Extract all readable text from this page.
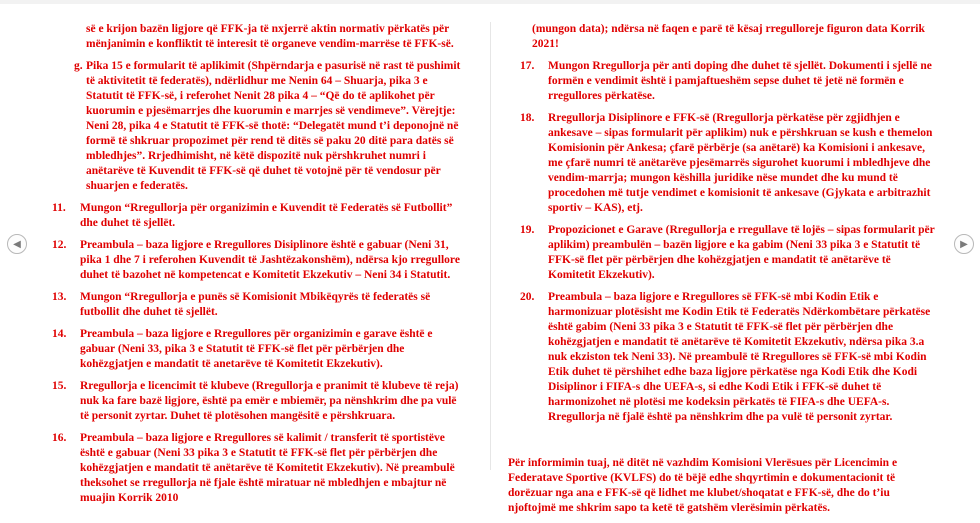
së e krijon bazën ligjore që FFK-ja të nxjerrë aktin normativ përkatës për mënjanimin e konfliktit të interesit të organeve vendim-marrëse të FFK-së.

g. Pika 15 e formularit të aplikimit (Shpërndarja e pasurisë në rast të pushimit të aktivitetit të federatës), ndërlidhur me Nenin 64 – Shuarja, pika 3 e Statutit të FFK-së, i referohet Nenit 28 pika 4 – “Që do të aplikohet për kuorumin e pjesëmarrjes dhe kuorumin e marrjes së vendimeve”. Vërejtje: Neni 28, pika 4 e Statutit të FFK-së thotë: “Delegatët mund t’i deponojnë në formë të shkruar propozimet për rend të ditës së paku 20 ditë para datës së mbledhjes”. Rrjedhimisht, në këtë dispozitë nuk përshkruhet numri i anëtarëve të Kuvendit të FFK-së që duhet të votojnë për të vendosur për shuarjen e federatës.

11.	Mungon “Rregullorja për organizimin e Kuvendit të Federatës së Futbollit” dhe duhet të sjellët.

12.	Preambula – baza ligjore e Rregullores Disiplinore është e gabuar (Neni 31, pika 1 dhe 7 i referohen Kuvendit të Jashtëzakonshëm), ndërsa kjo rregullore duhet të bazohet në kompetencat e Komitetit Ekzekutiv – Neni 34 i Statutit.

13.	Mungon “Rregullorja e punës së Komisionit Mbikëqyrës të federatës së futbollit dhe duhet të sjellët.

14.	Preambula – baza ligjore e Rregullores për organizimin e garave është e gabuar (Neni 33, pika 3 e Statutit të FFK-së flet për përbërjen dhe kohëzgjatjen e mandatit të anetarëve të Komitetit Ekzekutiv).

15.	Rregullorja e licencimit të klubeve (Rregullorja e pranimit të klubeve të reja) nuk ka fare bazë ligjore, është pa emër e mbiemër, pa nënshkrim dhe pa vulë të personit zyrtar. Duhet të plotësohen mangësitë e përshkruara.

16.	Preambula – baza ligjore e Rregullores së kalimit / transferit të sportistëve është e gabuar (Neni 33 pika 3 e Statutit të FFK-së flet për përbërjen dhe kohëzgjatjen e mandatit të anëtarëve të Komitetit Ekzekutiv). Në preambulë theksohet se rregullorja në fjale është miratuar në mbledhjen e mbajtur në muajin Korrik 2010

(mungon data); ndërsa në faqen e parë të kësaj rregulloreje figuron data Korrik 2021!

17.	Mungon Rregullorja për anti doping dhe duhet të sjellët. Dokumenti i sjellë ne formën e vendimit është i pamjaftueshëm sepse duhet të jetë në formën e rregullores përkatëse.

18.	Rregullorja Disiplinore e FFK-së (Rregullorja përkatëse për zgjidhjen e ankesave – sipas formularit për aplikim) nuk e përshkruan se kush e themelon Komisionin për Ankesa; çfarë përbërje (sa anëtarë) ka Komisioni i ankesave, me çfarë numri të anëtarëve pjesëmarrës sigurohet kuorumi i mbledhjeve dhe vendim-marrja; mungon këshilla juridike nëse mundet dhe ku mund të procedohen më tutje vendimet e komisionit të ankesave (Gjykata e arbitrazhit sportiv – KAS), etj.

19.	Propozicionet e Garave (Rregullorja e rregullave të lojës – sipas formularit për aplikim) preambulën – bazën ligjore e ka gabim (Neni 33 pika 3 e Statutit të FFK-së flet për përbërjen dhe kohëzgjatjen e mandatit të anëtarëve të Komitetit Ekzekutiv).

20.	Preambula – baza ligjore e Rregullores së FFK-së mbi Kodin Etik e harmonizuar plotësisht me Kodin Etik të Federatës Ndërkombëtare përkatëse është gabim (Neni 33 pika 3 e Statutit të FFK-së flet për përbërjen dhe kohëzgjatjen e mandatit të anëtarëve të Komitetit Ekzekutiv, ndërsa pika 3.a nuk ekziston tek Neni 33). Në preambulë të Rregullores së FFK-së mbi Kodin Etik duhet të përshihet edhe baza ligjore përkatëse nga Kodi Etik dhe Kodi Disiplinor i FIFA-s dhe UEFA-s, si edhe Kodi Etik i FFK-së duhet të harmonizohet në plotësi me kodeksin përkatës të FIFA-s dhe UEFA-s. Rregullorja në fjalë është pa nënshkrim dhe pa vulë të personit zyrtar.

Për informimin tuaj, në ditët në vazhdim Komisioni Vlerësues për Licencimin e Federatave Sportive (KVLFS) do të bëjë edhe shqyrtimin e dokumentacionit të dorëzuar nga ana e FFK-së që lidhet me klubet/shoqatat e FFK-së, dhe do t’iu njoftojmë me shkrim sapo ta ketë të gatshëm vlerësimin përkatës.

◀	▶
